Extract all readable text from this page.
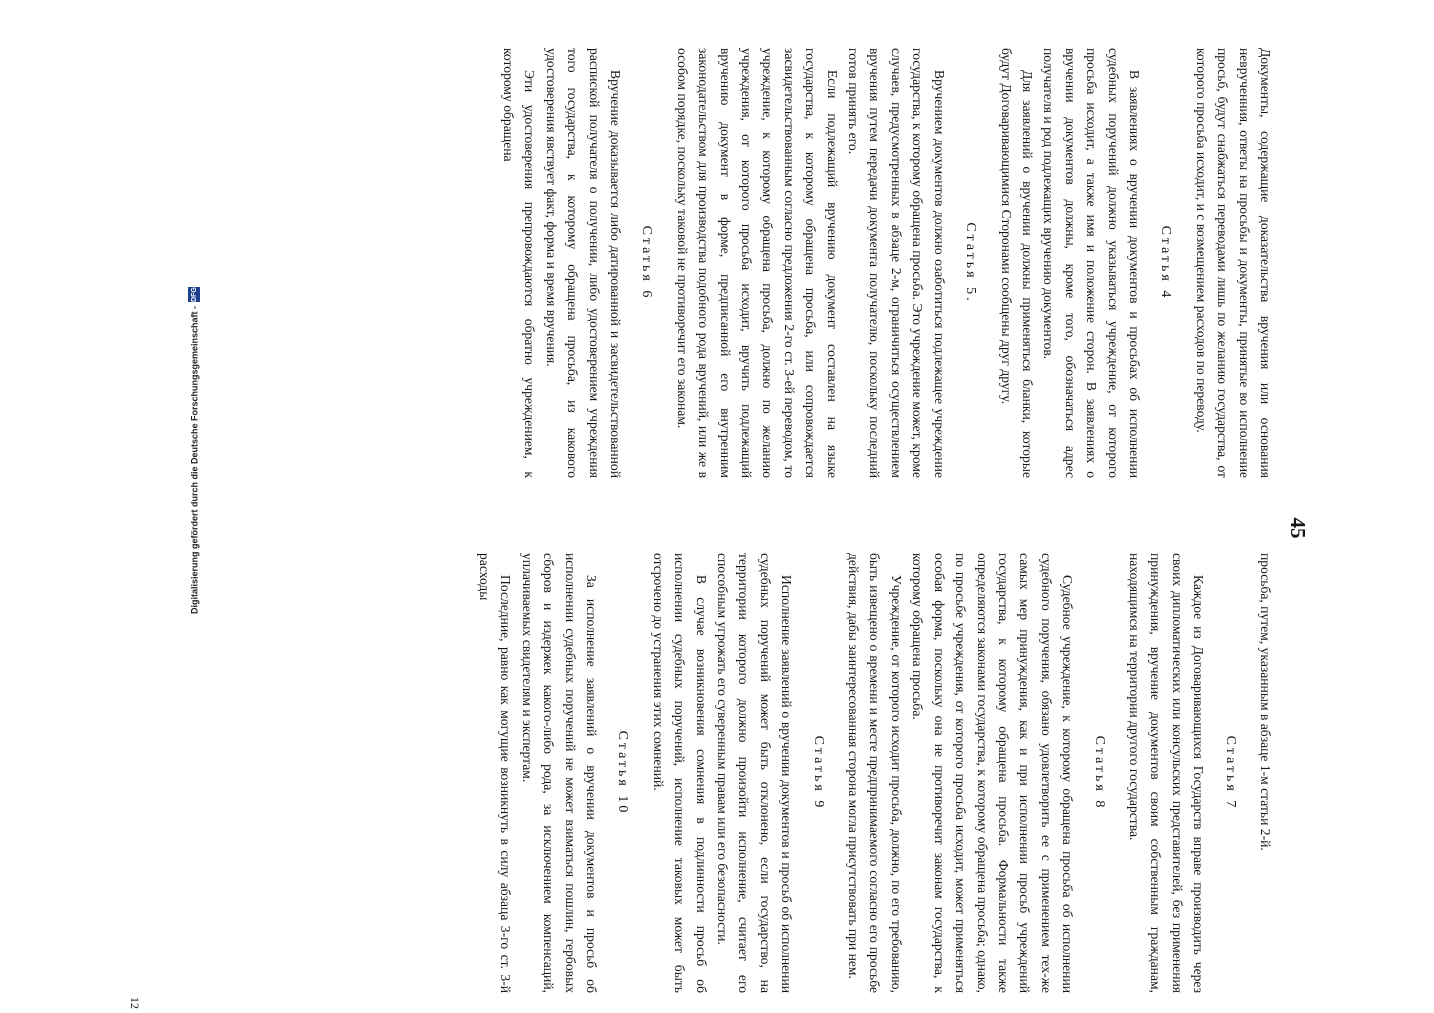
45

Документы, содержащие доказательства вручения или основания неврученния, ответы на просьбы и документы, принятые во исполнение просьб, будут снабжаться переводами лишь по желанию государства, от которого просьба исходит, и с возмещением расходов по переводу.

Статья 4

В заявлениях о вручении документов и просьбах об исполнении судебных поручений должно указываться учреждение, от которого просьба исходит, а также имя и положение сторон. В заявлениях о вручении документов должны, кроме того, обозначаться адрес получателя и род подлежащих вручению документов.

Для заявлений о вручении должны применяться бланки, которые будут Договаривающимися Сторонами сообщены друг другу.

Статья 5.

Вручением документов должно озаботиться подлежащее учреждение государства, к которому обращена просьба. Это учреждение может, кроме случаев, предусмотренных в абзаце 2-м, ограничиться осуществлением вручения путем передачи документа получателю, поскольку последний готов принять его.

Если подлежащий вручению документ составлен на языке государства, к которому обращена просьба, или сопровождается засвидетельствованным согласно предложения 2-го ст. 3-ей переводом, то учреждение, к которому обращена просьба, должно по желанию учреждения, от которого просьба исходит, вручить подлежащий вручению документ в форме, предписанной его внутренним законодательством для производства подобного рода вручений, или же в особом порядке, поскольку таковой не противоречит его законам.

Статья 6

Вручение доказывается либо датированной и засвидетельствованной распиской получателя о получении, либо удостоверением учреждения того государства, к которому обращена просьба, из какового удостоверения явствует факт, форма и время вручения.

Эти удостоверения препровождаются обратно учреждением, к которому обращена

просьба, путем, указанным в абзаце 1-м статьи 2-й.

Статья 7

Каждое из Договаривающихся Государств вправе производить через своих дипломатических или консульских представителей, без применения принуждения, вручение документов своим собственным гражданам, находящимся на территории другого государства.

Статья 8

Судебное учреждение, к которому обращена просьба об исполнении судебного поручения, обязано удовлетворить ее с применением тех-же самых мер принуждения, как и при исполнении просьб учреждений государства, к которому обращена просьба. Формальности также определяются законами государства, к которому обращена просьба; однако, по просьбе учреждения, от которого просьба исходит, может применяться особая форма, поскольку она не противоречит законам государства, к которому обращена просьба.

Учреждение, от которого исходит просьба, должно, по его требованию, быть извещено о времени и месте предпринимаемого согласно его просьбе действия, дабы заинтересованная сторона могла присутствовать при нем.

Статья 9

Исполнение заявлений о вручении документов и просьб об исполнении судебных поручений может быть отклонено, если государство, на территории которого должно произойти исполнение, считает его способным угрожать его суверенным правам или его безопасности.

В случае возникновения сомнения в подлинности просьб об исполнении судебных поручений, исполнение таковых может быть отсрочено до устранения этих сомнений.

Статья 10

За исполнение заявлений о вручении документов и просьб об исполнении судебных поручений не может взиматься пошлин, гербовых сборов и издержек какого-либо рода, за исключением компенсаций, уплачиваемых свидетелям и экспертам.

Последние, равно как могущие возникнуть в силу абзаца 3-го ст. 3-й расходы

12
Digitalisierung gefördert durch die Deutsche Forschungsgemeinschaft -
DFG
